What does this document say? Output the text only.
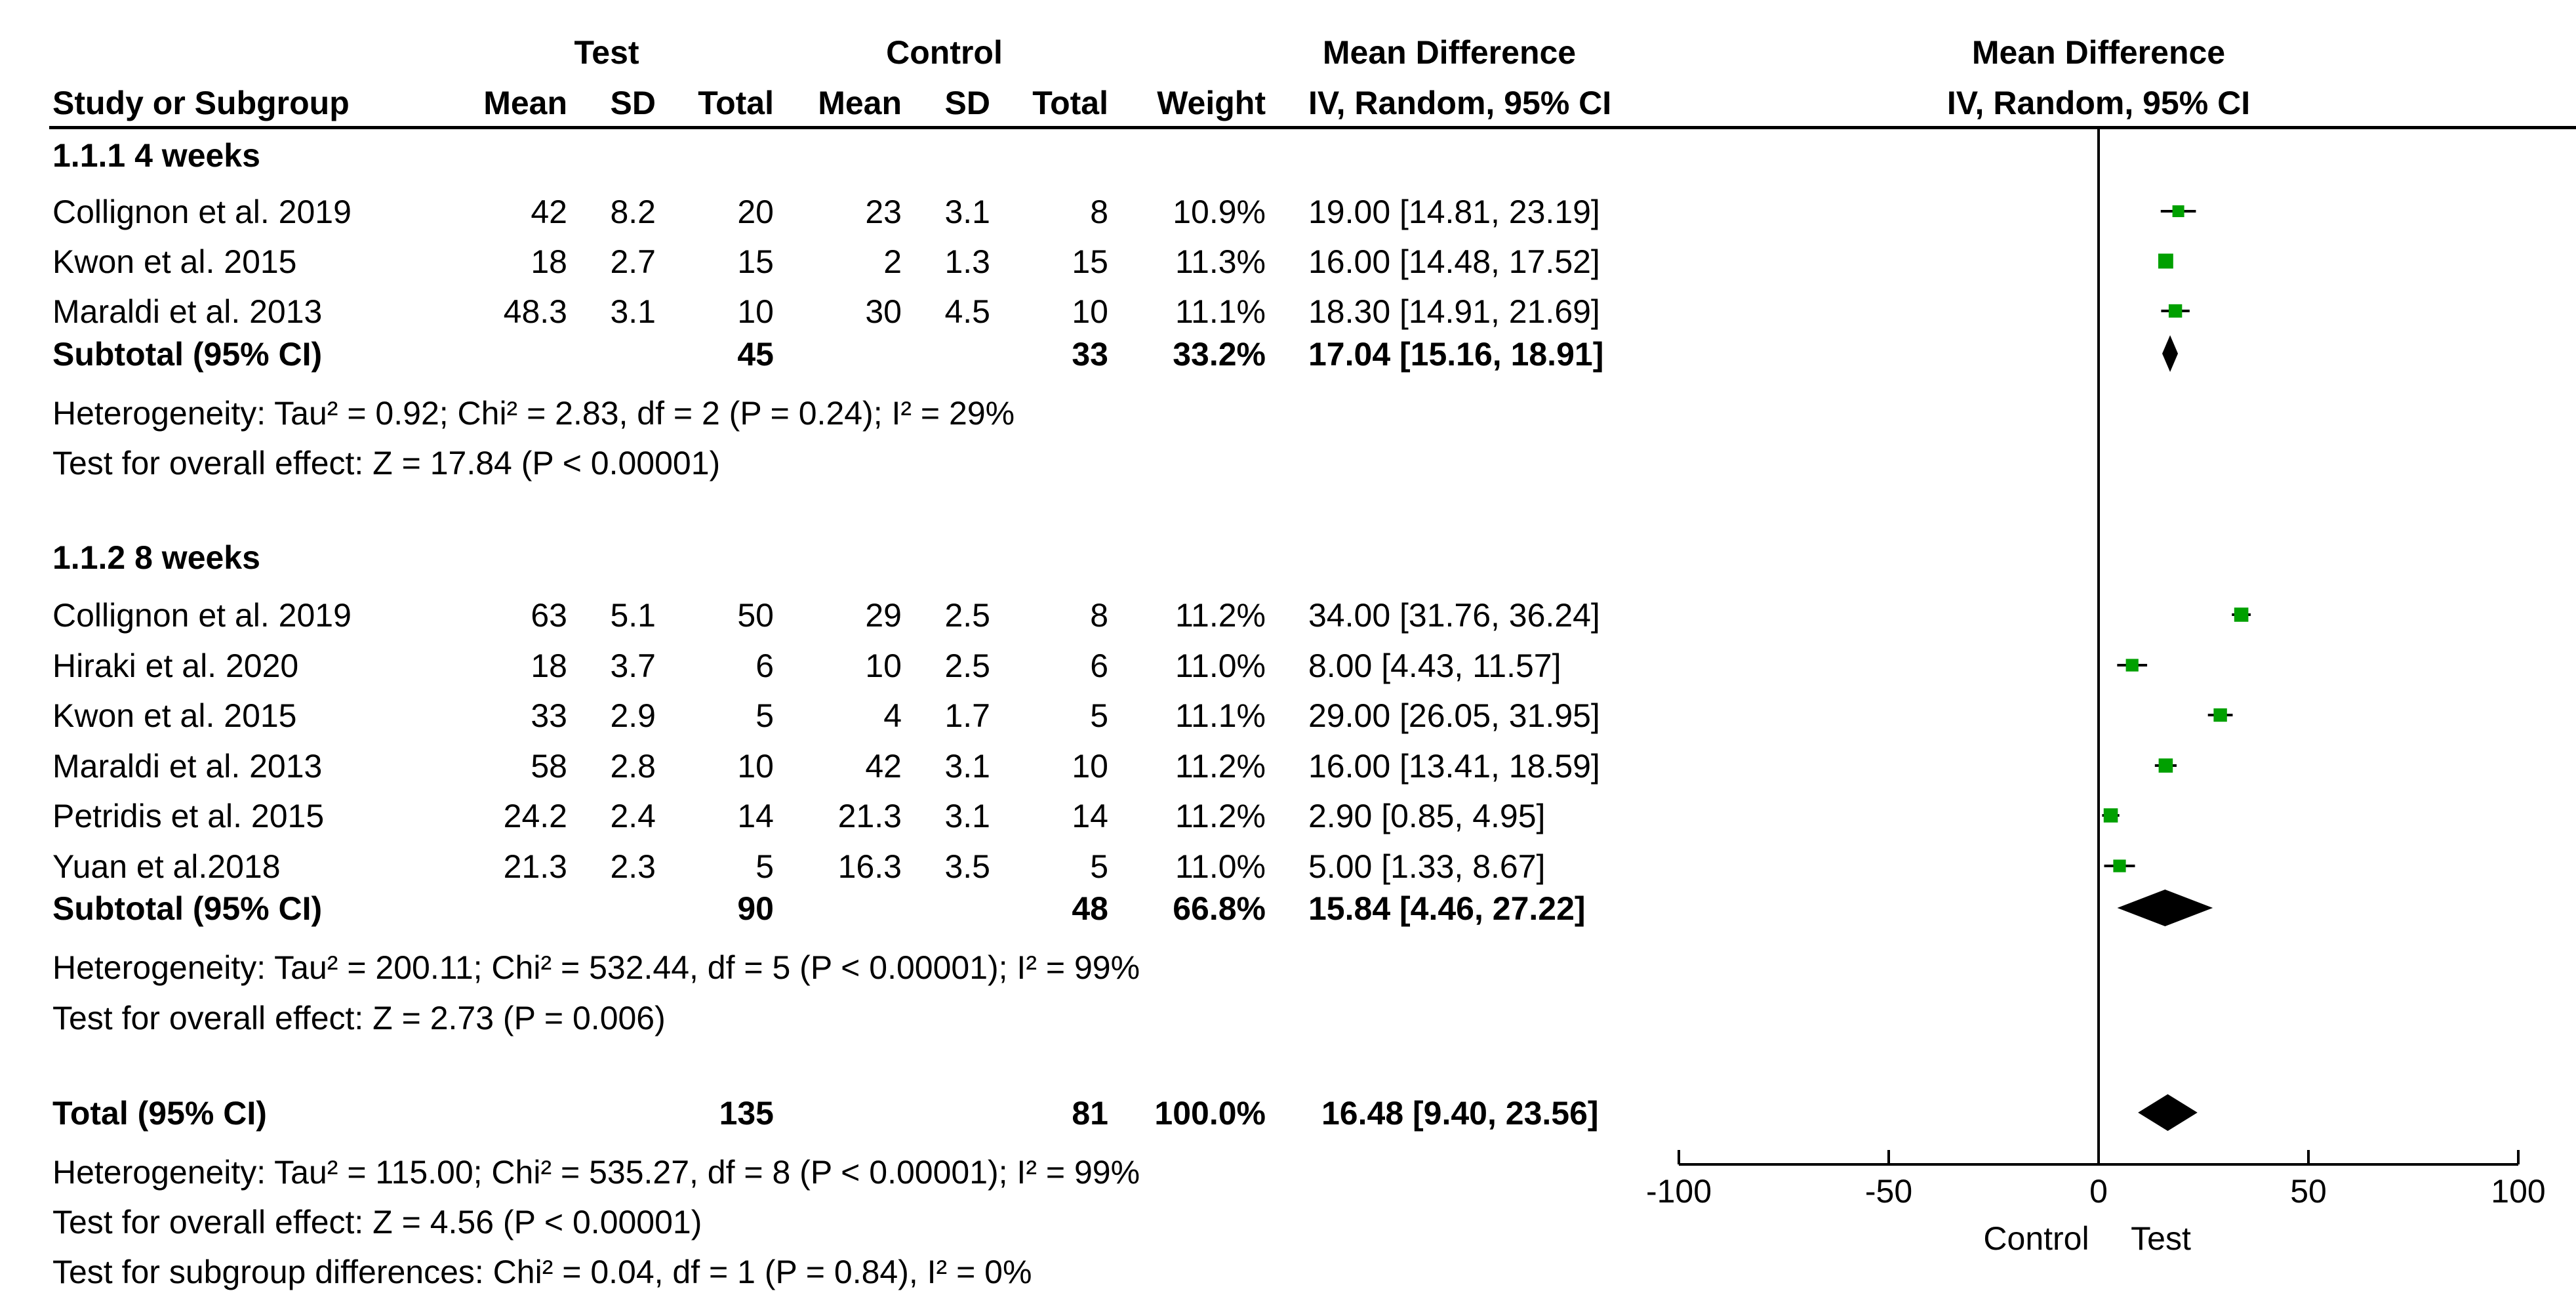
Test	Control	Mean Difference	Mean Difference
Study or Subgroup	Mean	SD	Total	Mean	SD	Total	Weight IV, Random, 95% CI	IV, Random, 95% CI
1.1.1 4 weeks
Collignon et al. 2019	42	8.2	20	23	3.1	8	10.9% 19.00 [14.81, 23.19]
Kwon et al. 2015	18	2.7	15	2	1.3	15	11.3% 16.00 [14.48, 17.52]
Maraldi et al. 2013	48.3	3.1	10	30	4.5	10	11.1% 18.30 [14.91, 21.69]
Subtotal (95% CI)	45	33	33.2% 17.04 [15.16, 18.91]
Heterogeneity: Tau² = 0.92; Chi² = 2.83, df = 2 (P = 0.24); I² = 29%
Test for overall effect: Z = 17.84 (P < 0.00001)
1.1.2 8 weeks
Collignon et al. 2019	63	5.1	50	29	2.5	8	11.2% 34.00 [31.76, 36.24]
Hiraki et al. 2020	18	3.7	6	10	2.5	6	11.0% 8.00 [4.43, 11.57]
Kwon et al. 2015	33	2.9	5	4	1.7	5	11.1% 29.00 [26.05, 31.95]
Maraldi et al. 2013	58	2.8	10	42	3.1	10	11.2% 16.00 [13.41, 18.59]
Petridis et al. 2015	24.2	2.4	14	21.3	3.1	14	11.2% 2.90 [0.85, 4.95]
Yuan et al.2018	21.3	2.3	5	16.3	3.5	5	11.0% 5.00 [1.33, 8.67]
Subtotal (95% CI)	90	48	66.8% 15.84 [4.46, 27.22]
Heterogeneity: Tau² = 200.11; Chi² = 532.44, df = 5 (P < 0.00001); I² = 99%
Test for overall effect: Z = 2.73 (P = 0.006)
Total (95% CI)	135	81	100.0% 16.48 [9.40, 23.56]
Heterogeneity: Tau² = 115.00; Chi² = 535.27, df = 8 (P < 0.00001); I² = 99%
Test for overall effect: Z = 4.56 (P < 0.00001)
Test for subgroup differences: Chi² = 0.04, df = 1 (P = 0.84), I² = 0%
-100	-50	0	50	100
Control Test
